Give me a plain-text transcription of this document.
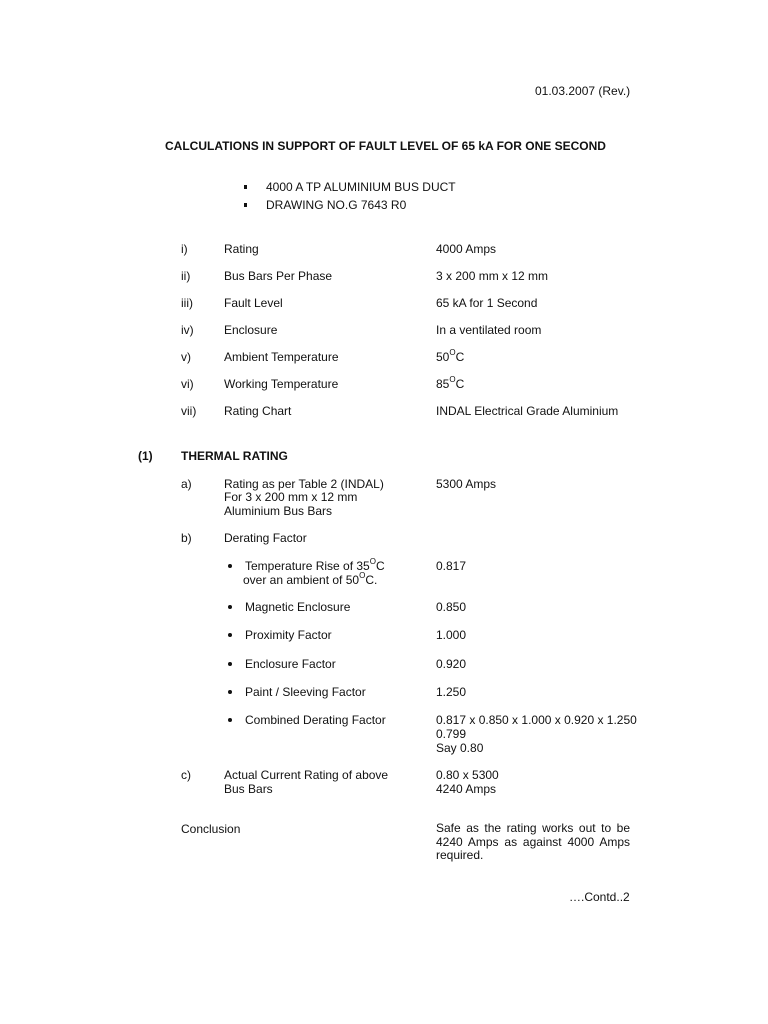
01.03.2007 (Rev.)
CALCULATIONS IN SUPPORT OF FAULT LEVEL OF 65 kA FOR ONE SECOND
4000 A TP ALUMINIUM BUS DUCT
DRAWING NO.G 7643 R0
i)	Rating	4000 Amps
ii)	Bus Bars Per Phase	3 x 200 mm x 12 mm
iii)	Fault Level	65 kA for 1 Second
iv)	Enclosure	In a ventilated room
v)	Ambient Temperature	$50^OC$
vi)	Working Temperature	$85^OC$
vii) Rating Chart	INDAL Electrical Grade Aluminium
(1) THERMAL RATING
a)	Rating as per Table 2 (INDAL)
For 3 x 200 mm x 12 mm
Aluminium Bus Bars
5300 Amps
b)	Derating Factor
Temperature Rise of $35^OC$
over an ambient of $50^OC$.
0.817
Magnetic Enclosure	0.850
Proximity Factor	1.000
Enclosure Factor	0.920
Paint / Sleeving Factor	1.250
Combined Derating Factor	0.817 x 0.850 x 1.000 x 0.920 x 1.250
0.799
Say 0.80
c)	Actual Current Rating of above
Bus Bars
0.80 x 5300
4240 Amps
Conclusion	Safe as the rating works out to be 4240 Amps as against 4000 Amps required.
….Contd..2
